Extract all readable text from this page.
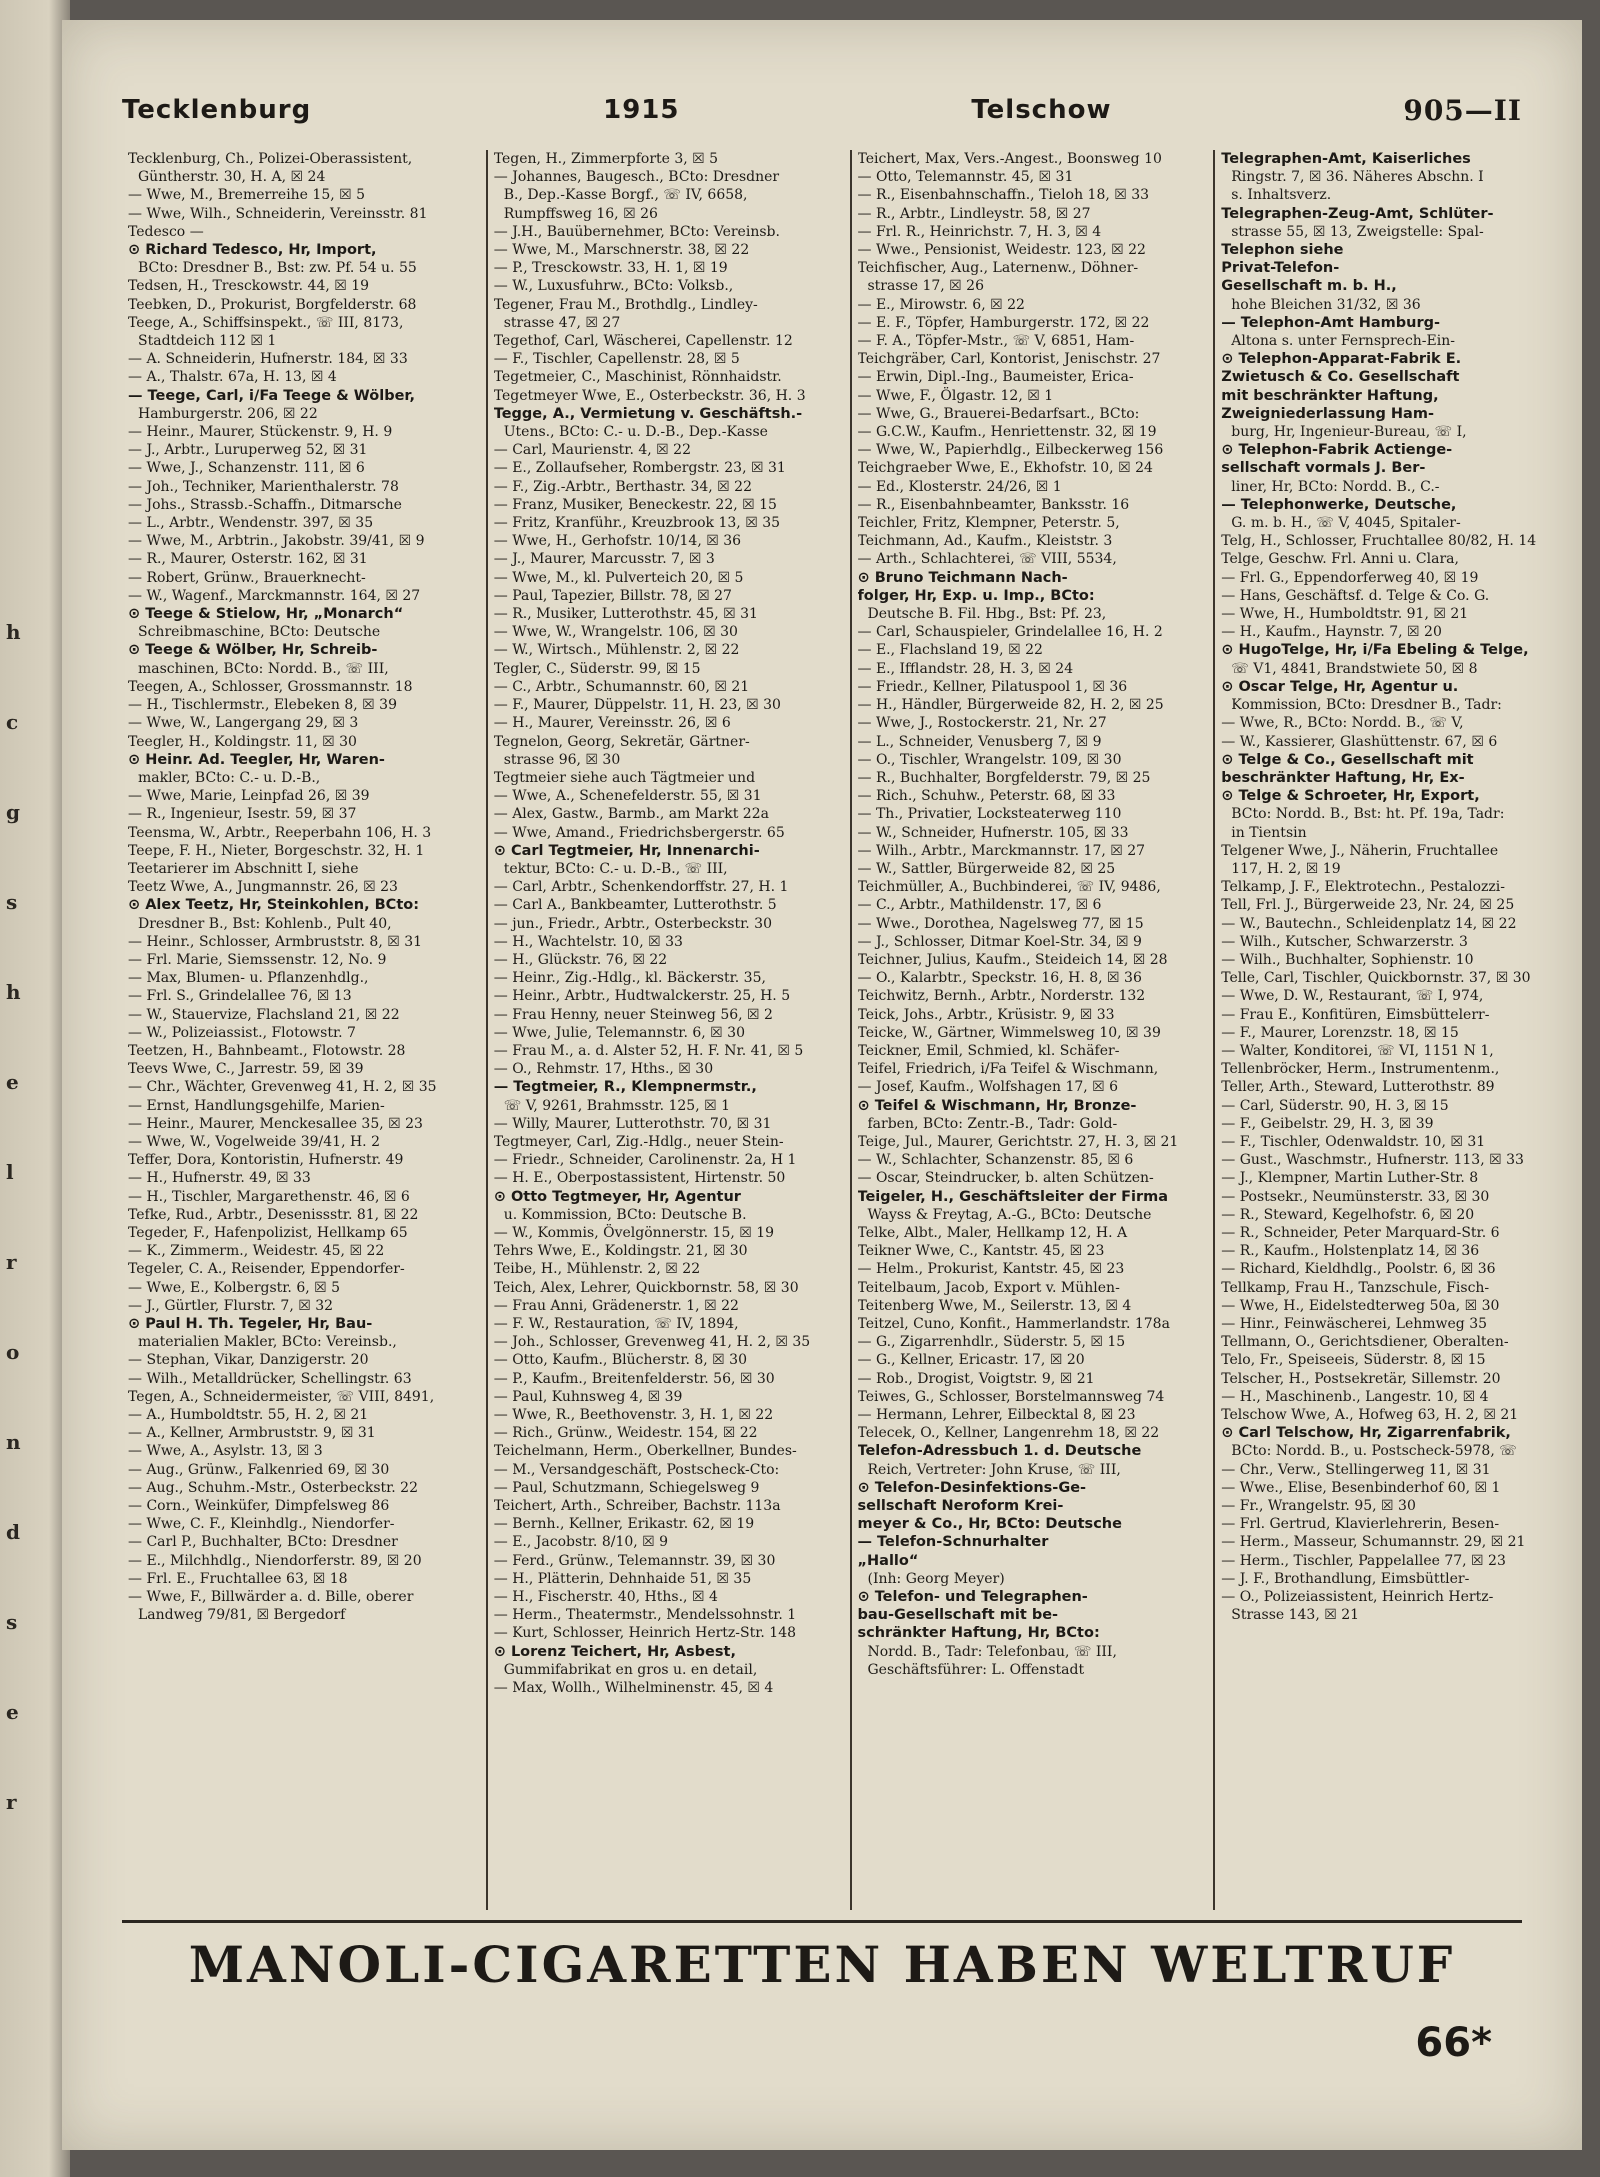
h
c
g
s
h
e
l
r
o
n
d
s
e
r
Tecklenburg	1915	Telschow	905—II

Tecklenburg, Ch., Polizei-Oberassistent,

Güntherstr. 30, H. A, ☒ 24

— Wwe, M., Bremerreihe 15, ☒ 5

— Wwe, Wilh., Schneiderin, Vereinsstr. 81

Tedesco —

⊙ Richard Tedesco, Hr, Import,

BCto: Dresdner B., Bst: zw. Pf. 54 u. 55

Tedsen, H., Tresckowstr. 44, ☒ 19

Teebken, D., Prokurist, Borgfelderstr. 68

Teege, A., Schiffsinspekt., ☏ III, 8173,

Stadtdeich 112 ☒ 1

— A. Schneiderin, Hufnerstr. 184, ☒ 33

— A., Thalstr. 67a, H. 13, ☒ 4

— Teege, Carl, i/Fa Teege & Wölber,

Hamburgerstr. 206, ☒ 22

— Heinr., Maurer, Stückenstr. 9, H. 9

— J., Arbtr., Luruperweg 52, ☒ 31

— Wwe, J., Schanzenstr. 111, ☒ 6

— Joh., Techniker, Marienthalerstr. 78

— Johs., Strassb.-Schaffn., Ditmarsche

— L., Arbtr., Wendenstr. 397, ☒ 35

— Wwe, M., Arbtrin., Jakobstr. 39/41, ☒ 9

— R., Maurer, Osterstr. 162, ☒ 31

— Robert, Grünw., Brauerknecht-

— W., Wagenf., Marckmannstr. 164, ☒ 27

⊙ Teege & Stielow, Hr, „Monarch“

Schreibmaschine, BCto: Deutsche

⊙ Teege & Wölber, Hr, Schreib-

maschinen, BCto: Nordd. B., ☏ III,

Teegen, A., Schlosser, Grossmannstr. 18

— H., Tischlermstr., Elebeken 8, ☒ 39

— Wwe, W., Langergang 29, ☒ 3

Teegler, H., Koldingstr. 11, ☒ 30

⊙ Heinr. Ad. Teegler, Hr, Waren-

makler, BCto: C.- u. D.-B.,

— Wwe, Marie, Leinpfad 26, ☒ 39

— R., Ingenieur, Isestr. 59, ☒ 37

Teensma, W., Arbtr., Reeperbahn 106, H. 3

Teepe, F. H., Nieter, Borgeschstr. 32, H. 1

Teetarierer im Abschnitt I, siehe

Teetz Wwe, A., Jungmannstr. 26, ☒ 23

⊙ Alex Teetz, Hr, Steinkohlen, BCto:

Dresdner B., Bst: Kohlenb., Pult 40,

— Heinr., Schlosser, Armbruststr. 8, ☒ 31

— Frl. Marie, Siemssenstr. 12, No. 9

— Max, Blumen- u. Pflanzenhdlg.,

— Frl. S., Grindelallee 76, ☒ 13

— W., Stauervize, Flachsland 21, ☒ 22

— W., Polizeiassist., Flotowstr. 7

Teetzen, H., Bahnbeamt., Flotowstr. 28

Teevs Wwe, C., Jarrestr. 59, ☒ 39

— Chr., Wächter, Grevenweg 41, H. 2, ☒ 35

— Ernst, Handlungsgehilfe, Marien-

— Heinr., Maurer, Menckesallee 35, ☒ 23

— Wwe, W., Vogelweide 39/41, H. 2

Teffer, Dora, Kontoristin, Hufnerstr. 49

— H., Hufnerstr. 49, ☒ 33

— H., Tischler, Margarethenstr. 46, ☒ 6

Tefke, Rud., Arbtr., Desenissstr. 81, ☒ 22

Tegeder, F., Hafenpolizist, Hellkamp 65

— K., Zimmerm., Weidestr. 45, ☒ 22

Tegeler, C. A., Reisender, Eppendorfer-

— Wwe, E., Kolbergstr. 6, ☒ 5

— J., Gürtler, Flurstr. 7, ☒ 32

⊙ Paul H. Th. Tegeler, Hr, Bau-

materialien Makler, BCto: Vereinsb.,

— Stephan, Vikar, Danzigerstr. 20

— Wilh., Metalldrücker, Schellingstr. 63

Tegen, A., Schneidermeister, ☏ VIII, 8491,

— A., Humboldtstr. 55, H. 2, ☒ 21

— A., Kellner, Armbruststr. 9, ☒ 31

— Wwe, A., Asylstr. 13, ☒ 3

— Aug., Grünw., Falkenried 69, ☒ 30

— Aug., Schuhm.-Mstr., Osterbeckstr. 22

— Corn., Weinküfer, Dimpfelsweg 86

— Wwe, C. F., Kleinhdlg., Niendorfer-

— Carl P., Buchhalter, BCto: Dresdner

— E., Milchhdlg., Niendorferstr. 89, ☒ 20

— Frl. E., Fruchtallee 63, ☒ 18

— Wwe, F., Billwärder a. d. Bille, oberer

Landweg 79/81, ☒ Bergedorf

Tegen, H., Zimmerpforte 3, ☒ 5

— Johannes, Baugesch., BCto: Dresdner

B., Dep.-Kasse Borgf., ☏ IV, 6658,

Rumpffsweg 16, ☒ 26

— J.H., Bauübernehmer, BCto: Vereinsb.

— Wwe, M., Marschnerstr. 38, ☒ 22

— P., Tresckowstr. 33, H. 1, ☒ 19

— W., Luxusfuhrw., BCto: Volksb.,

Tegener, Frau M., Brothdlg., Lindley-

strasse 47, ☒ 27

Tegethof, Carl, Wäscherei, Capellenstr. 12

— F., Tischler, Capellenstr. 28, ☒ 5

Tegetmeier, C., Maschinist, Rönnhaidstr.

Tegetmeyer Wwe, E., Osterbeckstr. 36, H. 3

Tegge, A., Vermietung v. Geschäftsh.-

Utens., BCto: C.- u. D.-B., Dep.-Kasse

— Carl, Maurienstr. 4, ☒ 22

— E., Zollaufseher, Rombergstr. 23, ☒ 31

— F., Zig.-Arbtr., Berthastr. 34, ☒ 22

— Franz, Musiker, Beneckestr. 22, ☒ 15

— Fritz, Kranführ., Kreuzbrook 13, ☒ 35

— Wwe, H., Gerhofstr. 10/14, ☒ 36

— J., Maurer, Marcusstr. 7, ☒ 3

— Wwe, M., kl. Pulverteich 20, ☒ 5

— Paul, Tapezier, Billstr. 78, ☒ 27

— R., Musiker, Lutterothstr. 45, ☒ 31

— Wwe, W., Wrangelstr. 106, ☒ 30

— W., Wirtsch., Mühlenstr. 2, ☒ 22

Tegler, C., Süderstr. 99, ☒ 15

— C., Arbtr., Schumannstr. 60, ☒ 21

— F., Maurer, Düppelstr. 11, H. 23, ☒ 30

— H., Maurer, Vereinsstr. 26, ☒ 6

Tegnelon, Georg, Sekretär, Gärtner-

strasse 96, ☒ 30

Tegtmeier siehe auch Tägtmeier und

— Wwe, A., Schenefelderstr. 55, ☒ 31

— Alex, Gastw., Barmb., am Markt 22a

— Wwe, Amand., Friedrichsbergerstr. 65

⊙ Carl Tegtmeier, Hr, Innenarchi-

tektur, BCto: C.- u. D.-B., ☏ III,

— Carl, Arbtr., Schenkendorffstr. 27, H. 1

— Carl A., Bankbeamter, Lutterothstr. 5

— jun., Friedr., Arbtr., Osterbeckstr. 30

— H., Wachtelstr. 10, ☒ 33

— H., Glückstr. 76, ☒ 22

— Heinr., Zig.-Hdlg., kl. Bäckerstr. 35,

— Heinr., Arbtr., Hudtwalckerstr. 25, H. 5

— Frau Henny, neuer Steinweg 56, ☒ 2

— Wwe, Julie, Telemannstr. 6, ☒ 30

— Frau M., a. d. Alster 52, H. F. Nr. 41, ☒ 5

— O., Rehmstr. 17, Hths., ☒ 30

— Tegtmeier, R., Klempnermstr.,

☏ V, 9261, Brahmsstr. 125, ☒ 1

— Willy, Maurer, Lutterothstr. 70, ☒ 31

Tegtmeyer, Carl, Zig.-Hdlg., neuer Stein-

— Friedr., Schneider, Carolinenstr. 2a, H 1

— H. E., Oberpostassistent, Hirtenstr. 50

⊙ Otto Tegtmeyer, Hr, Agentur

u. Kommission, BCto: Deutsche B.

— W., Kommis, Övelgönnerstr. 15, ☒ 19

Tehrs Wwe, E., Koldingstr. 21, ☒ 30

Teibe, H., Mühlenstr. 2, ☒ 22

Teich, Alex, Lehrer, Quickbornstr. 58, ☒ 30

— Frau Anni, Grädenerstr. 1, ☒ 22

— F. W., Restauration, ☏ IV, 1894,

— Joh., Schlosser, Grevenweg 41, H. 2, ☒ 35

— Otto, Kaufm., Blücherstr. 8, ☒ 30

— P., Kaufm., Breitenfelderstr. 56, ☒ 30

— Paul, Kuhnsweg 4, ☒ 39

— Wwe, R., Beethovenstr. 3, H. 1, ☒ 22

— Rich., Grünw., Weidestr. 154, ☒ 22

Teichelmann, Herm., Oberkellner, Bundes-

— M., Versandgeschäft, Postscheck-Cto:

— Paul, Schutzmann, Schiegelsweg 9

Teichert, Arth., Schreiber, Bachstr. 113a

— Bernh., Kellner, Erikastr. 62, ☒ 19

— E., Jacobstr. 8/10, ☒ 9

— Ferd., Grünw., Telemannstr. 39, ☒ 30

— H., Plätterin, Dehnhaide 51, ☒ 35

— H., Fischerstr. 40, Hths., ☒ 4

— Herm., Theatermstr., Mendelssohnstr. 1

— Kurt, Schlosser, Heinrich Hertz-Str. 148

⊙ Lorenz Teichert, Hr, Asbest,

Gummifabrikat en gros u. en detail,

— Max, Wollh., Wilhelminenstr. 45, ☒ 4

Teichert, Max, Vers.-Angest., Boonsweg 10

— Otto, Telemannstr. 45, ☒ 31

— R., Eisenbahnschaffn., Tieloh 18, ☒ 33

— R., Arbtr., Lindleystr. 58, ☒ 27

— Frl. R., Heinrichstr. 7, H. 3, ☒ 4

— Wwe., Pensionist, Weidestr. 123, ☒ 22

Teichfischer, Aug., Laternenw., Döhner-

strasse 17, ☒ 26

— E., Mirowstr. 6, ☒ 22

— E. F., Töpfer, Hamburgerstr. 172, ☒ 22

— F. A., Töpfer-Mstr., ☏ V, 6851, Ham-

Teichgräber, Carl, Kontorist, Jenischstr. 27

— Erwin, Dipl.-Ing., Baumeister, Erica-

— Wwe, F., Ölgastr. 12, ☒ 1

— Wwe, G., Brauerei-Bedarfsart., BCto:

— G.C.W., Kaufm., Henriettenstr. 32, ☒ 19

— Wwe, W., Papierhdlg., Eilbeckerweg 156

Teichgraeber Wwe, E., Ekhofstr. 10, ☒ 24

— Ed., Klosterstr. 24/26, ☒ 1

— R., Eisenbahnbeamter, Banksstr. 16

Teichler, Fritz, Klempner, Peterstr. 5,

Teichmann, Ad., Kaufm., Kleiststr. 3

— Arth., Schlachterei, ☏ VIII, 5534,

⊙ Bruno Teichmann Nach-

folger, Hr, Exp. u. Imp., BCto:

Deutsche B. Fil. Hbg., Bst: Pf. 23,

— Carl, Schauspieler, Grindelallee 16, H. 2

— E., Flachsland 19, ☒ 22

— E., Ifflandstr. 28, H. 3, ☒ 24

— Friedr., Kellner, Pilatuspool 1, ☒ 36

— H., Händler, Bürgerweide 82, H. 2, ☒ 25

— Wwe, J., Rostockerstr. 21, Nr. 27

— L., Schneider, Venusberg 7, ☒ 9

— O., Tischler, Wrangelstr. 109, ☒ 30

— R., Buchhalter, Borgfelderstr. 79, ☒ 25

— Rich., Schuhw., Peterstr. 68, ☒ 33

— Th., Privatier, Locksteaterweg 110

— W., Schneider, Hufnerstr. 105, ☒ 33

— Wilh., Arbtr., Marckmannstr. 17, ☒ 27

— W., Sattler, Bürgerweide 82, ☒ 25

Teichmüller, A., Buchbinderei, ☏ IV, 9486,

— C., Arbtr., Mathildenstr. 17, ☒ 6

— Wwe., Dorothea, Nagelsweg 77, ☒ 15

— J., Schlosser, Ditmar Koel-Str. 34, ☒ 9

Teichner, Julius, Kaufm., Steideich 14, ☒ 28

— O., Kalarbtr., Speckstr. 16, H. 8, ☒ 36

Teichwitz, Bernh., Arbtr., Norderstr. 132

Teick, Johs., Arbtr., Krüsistr. 9, ☒ 33

Teicke, W., Gärtner, Wimmelsweg 10, ☒ 39

Teickner, Emil, Schmied, kl. Schäfer-

Teifel, Friedrich, i/Fa Teifel & Wischmann,

— Josef, Kaufm., Wolfshagen 17, ☒ 6

⊙ Teifel & Wischmann, Hr, Bronze-

farben, BCto: Zentr.-B., Tadr: Gold-

Teige, Jul., Maurer, Gerichtstr. 27, H. 3, ☒ 21

— W., Schlachter, Schanzenstr. 85, ☒ 6

— Oscar, Steindrucker, b. alten Schützen-

Teigeler, H., Geschäftsleiter der Firma

Wayss & Freytag, A.-G., BCto: Deutsche

Telke, Albt., Maler, Hellkamp 12, H. A

Teikner Wwe, C., Kantstr. 45, ☒ 23

— Helm., Prokurist, Kantstr. 45, ☒ 23

Teitelbaum, Jacob, Export v. Mühlen-

Teitenberg Wwe, M., Seilerstr. 13, ☒ 4

Teitzel, Cuno, Konfit., Hammerlandstr. 178a

— G., Zigarrenhdlr., Süderstr. 5, ☒ 15

— G., Kellner, Ericastr. 17, ☒ 20

— Rob., Drogist, Voigtstr. 9, ☒ 21

Teiwes, G., Schlosser, Borstelmannsweg 74

— Hermann, Lehrer, Eilbecktal 8, ☒ 23

Telecek, O., Kellner, Langenrehm 18, ☒ 22

Telefon-Adressbuch 1. d. Deutsche

Reich, Vertreter: John Kruse, ☏ III,

⊙ Telefon-Desinfektions-Ge-

sellschaft Neroform Krei-

meyer & Co., Hr, BCto: Deutsche

— Telefon-Schnurhalter

„Hallo“

(Inh: Georg Meyer)

⊙ Telefon- und Telegraphen-

bau-Gesellschaft mit be-

schränkter Haftung, Hr, BCto:

Nordd. B., Tadr: Telefonbau, ☏ III,

Geschäftsführer: L. Offenstadt

Telegraphen-Amt, Kaiserliches

Ringstr. 7, ☒ 36. Näheres Abschn. I

s. Inhaltsverz.

Telegraphen-Zeug-Amt, Schlüter-

strasse 55, ☒ 13, Zweigstelle: Spal-

Telephon siehe

Privat-Telefon-

Gesellschaft m. b. H.,

hohe Bleichen 31/32, ☒ 36

— Telephon-Amt Hamburg-

Altona s. unter Fernsprech-Ein-

⊙ Telephon-Apparat-Fabrik E.

Zwietusch & Co. Gesellschaft

mit beschränkter Haftung,

Zweigniederlassung Ham-

burg, Hr, Ingenieur-Bureau, ☏ I,

⊙ Telephon-Fabrik Actienge-

sellschaft vormals J. Ber-

liner, Hr, BCto: Nordd. B., C.-

— Telephonwerke, Deutsche,

G. m. b. H., ☏ V, 4045, Spitaler-

Telg, H., Schlosser, Fruchtallee 80/82, H. 14

Telge, Geschw. Frl. Anni u. Clara,

— Frl. G., Eppendorferweg 40, ☒ 19

— Hans, Geschäftsf. d. Telge & Co. G.

— Wwe, H., Humboldtstr. 91, ☒ 21

— H., Kaufm., Haynstr. 7, ☒ 20

⊙ HugoTelge, Hr, i/Fa Ebeling & Telge,

☏ V1, 4841, Brandstwiete 50, ☒ 8

⊙ Oscar Telge, Hr, Agentur u.

Kommission, BCto: Dresdner B., Tadr:

— Wwe, R., BCto: Nordd. B., ☏ V,

— W., Kassierer, Glashüttenstr. 67, ☒ 6

⊙ Telge & Co., Gesellschaft mit

beschränkter Haftung, Hr, Ex-

⊙ Telge & Schroeter, Hr, Export,

BCto: Nordd. B., Bst: ht. Pf. 19a, Tadr:

in Tientsin

Telgener Wwe, J., Näherin, Fruchtallee

117, H. 2, ☒ 19

Telkamp, J. F., Elektrotechn., Pestalozzi-

Tell, Frl. J., Bürgerweide 23, Nr. 24, ☒ 25

— W., Bautechn., Schleidenplatz 14, ☒ 22

— Wilh., Kutscher, Schwarzerstr. 3

— Wilh., Buchhalter, Sophienstr. 10

Telle, Carl, Tischler, Quickbornstr. 37, ☒ 30

— Wwe, D. W., Restaurant, ☏ I, 974,

— Frau E., Konfitüren, Eimsbüttelerr-

— F., Maurer, Lorenzstr. 18, ☒ 15

— Walter, Konditorei, ☏ VI, 1151 N 1,

Tellenbröcker, Herm., Instrumentenm.,

Teller, Arth., Steward, Lutterothstr. 89

— Carl, Süderstr. 90, H. 3, ☒ 15

— F., Geibelstr. 29, H. 3, ☒ 39

— F., Tischler, Odenwaldstr. 10, ☒ 31

— Gust., Waschmstr., Hufnerstr. 113, ☒ 33

— J., Klempner, Martin Luther-Str. 8

— Postsekr., Neumünsterstr. 33, ☒ 30

— R., Steward, Kegelhofstr. 6, ☒ 20

— R., Schneider, Peter Marquard-Str. 6

— R., Kaufm., Holstenplatz 14, ☒ 36

— Richard, Kieldhdlg., Poolstr. 6, ☒ 36

Tellkamp, Frau H., Tanzschule, Fisch-

— Wwe, H., Eidelstedterweg 50a, ☒ 30

— Hinr., Feinwäscherei, Lehmweg 35

Tellmann, O., Gerichtsdiener, Oberalten-

Telo, Fr., Speiseeis, Süderstr. 8, ☒ 15

Telscher, H., Postsekretär, Sillemstr. 20

— H., Maschinenb., Langestr. 10, ☒ 4

Telschow Wwe, A., Hofweg 63, H. 2, ☒ 21

⊙ Carl Telschow, Hr, Zigarrenfabrik,

BCto: Nordd. B., u. Postscheck-5978, ☏

— Chr., Verw., Stellingerweg 11, ☒ 31

— Wwe., Elise, Besenbinderhof 60, ☒ 1

— Fr., Wrangelstr. 95, ☒ 30

— Frl. Gertrud, Klavierlehrerin, Besen-

— Herm., Masseur, Schumannstr. 29, ☒ 21

— Herm., Tischler, Pappelallee 77, ☒ 23

— J. F., Brothandlung, Eimsbüttler-

— O., Polizeiassistent, Heinrich Hertz-

Strasse 143, ☒ 21

MANOLI-CIGARETTEN HABEN WELTRUF
66*
